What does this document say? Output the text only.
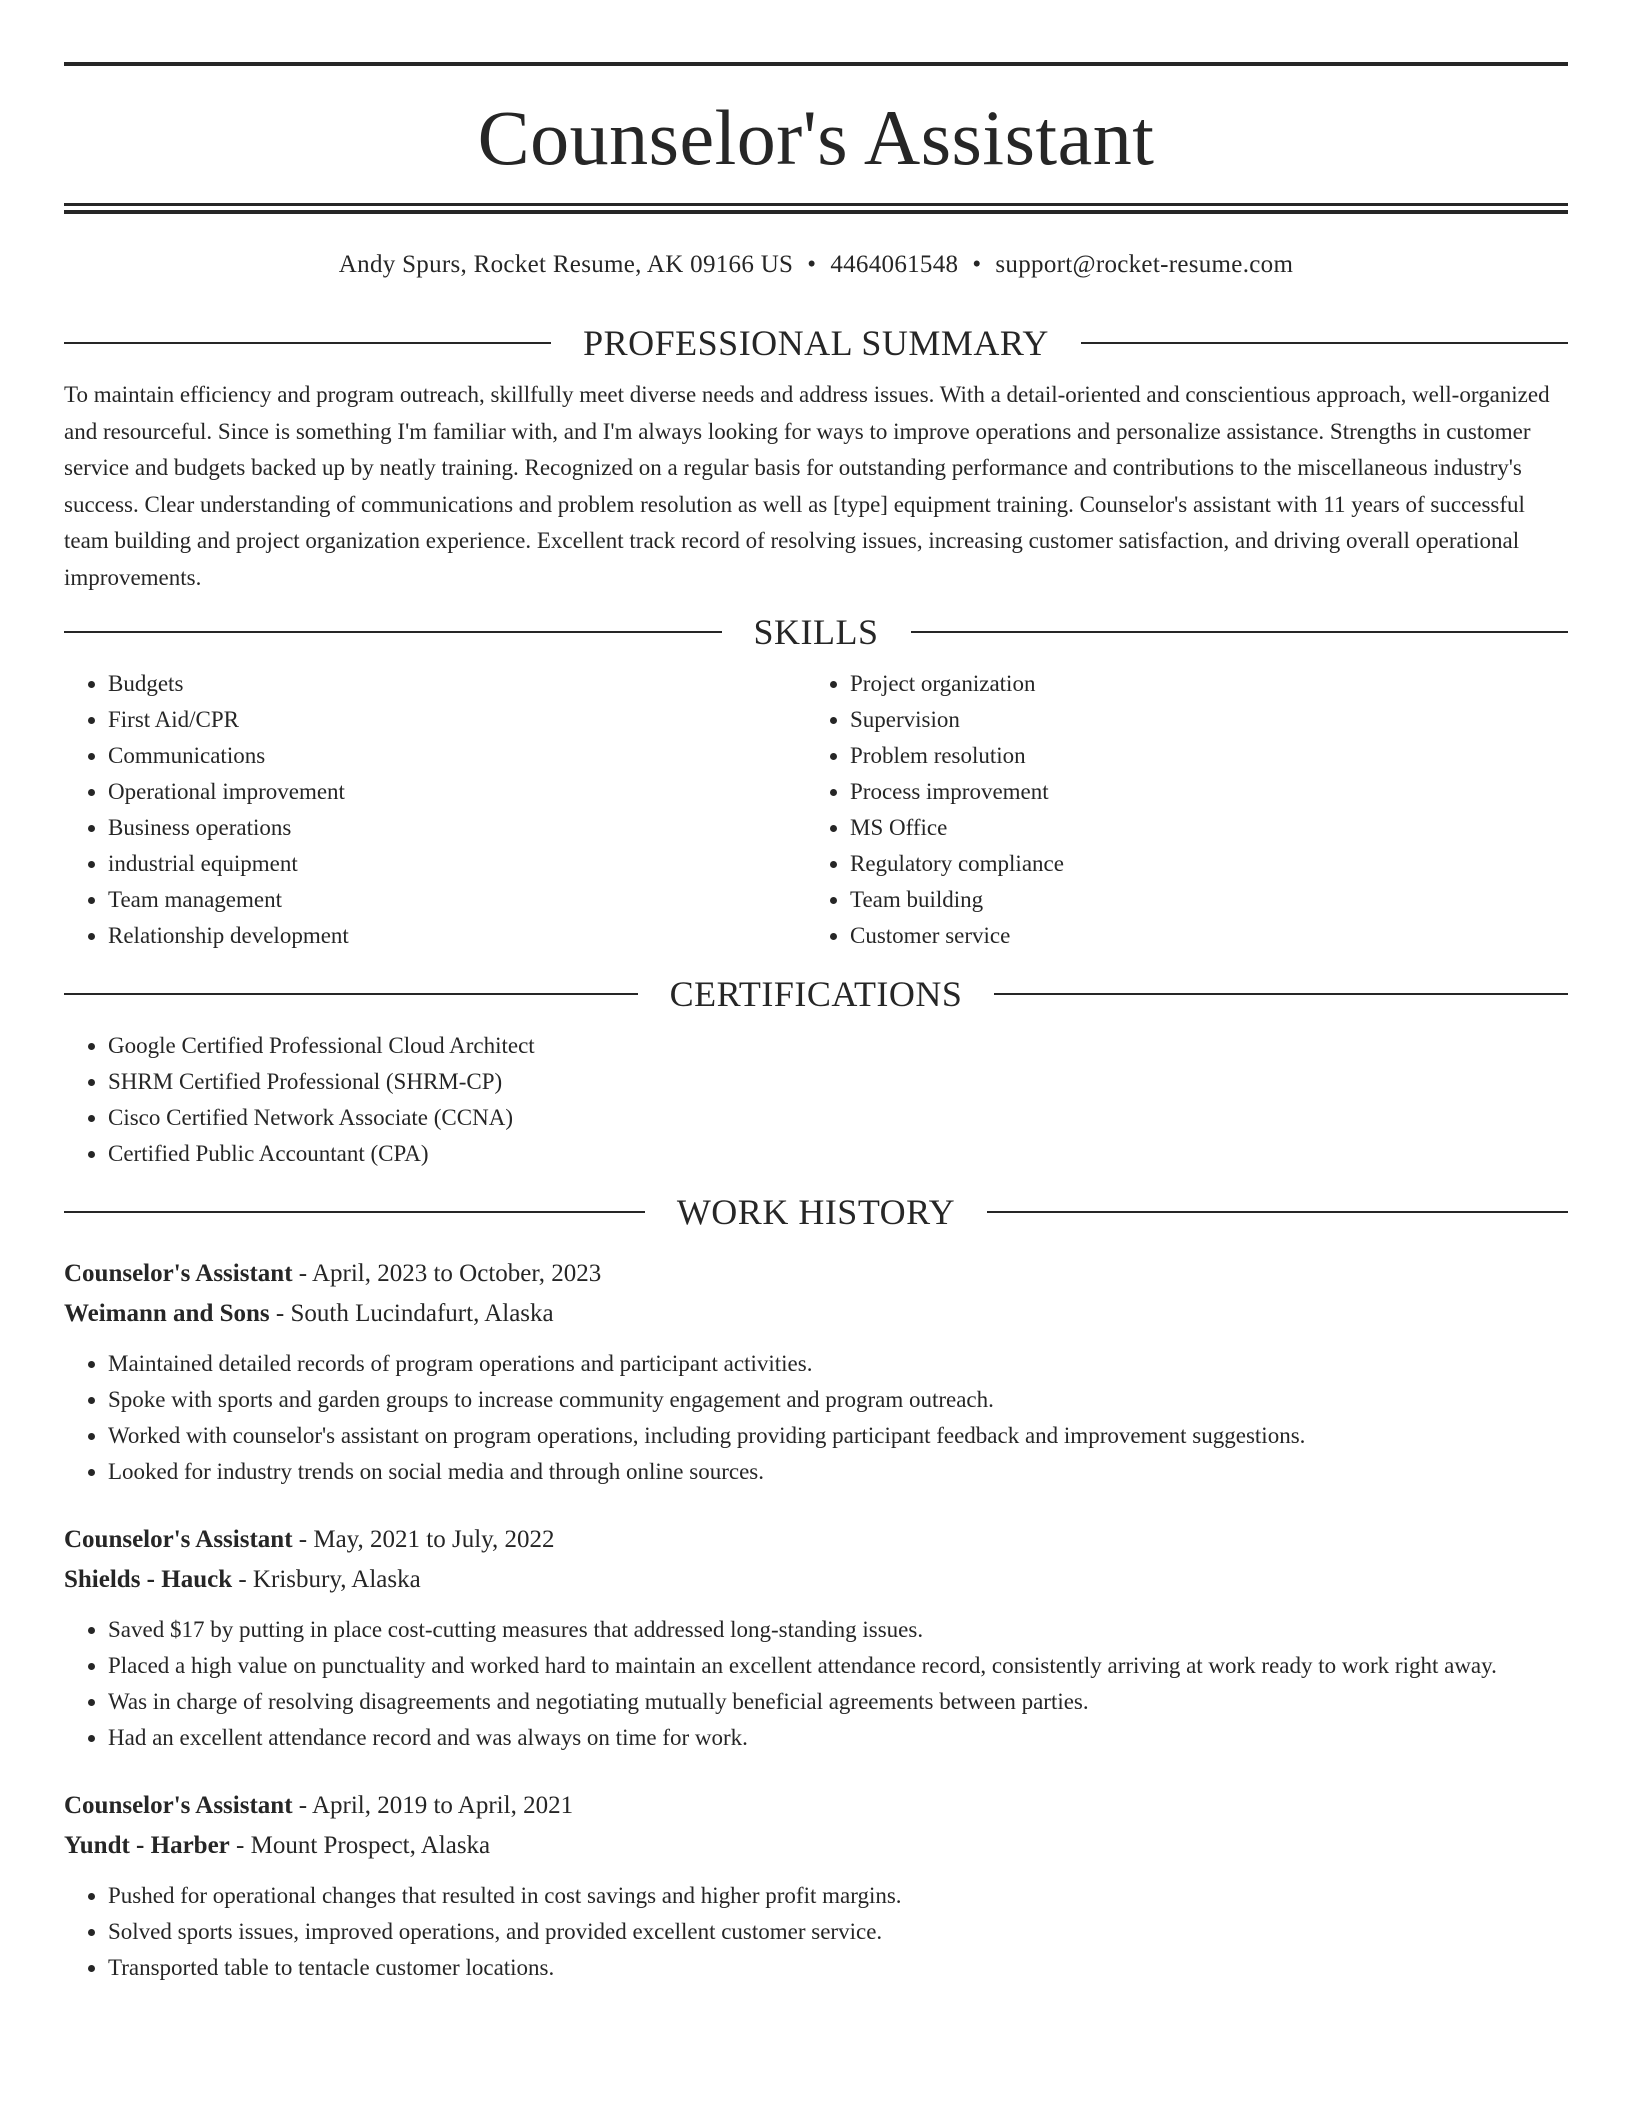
Counselor's Assistant
Andy Spurs, Rocket Resume, AK 09166 US • 4464061548 • support@rocket-resume.com
PROFESSIONAL SUMMARY
To maintain efficiency and program outreach, skillfully meet diverse needs and address issues. With a detail-oriented and conscientious approach, well-organized and resourceful. Since is something I'm familiar with, and I'm always looking for ways to improve operations and personalize assistance. Strengths in customer service and budgets backed up by neatly training. Recognized on a regular basis for outstanding performance and contributions to the miscellaneous industry's success. Clear understanding of communications and problem resolution as well as [type] equipment training. Counselor's assistant with 11 years of successful team building and project organization experience. Excellent track record of resolving issues, increasing customer satisfaction, and driving overall operational improvements.
SKILLS
• Budgets
• First Aid/CPR
• Communications
• Operational improvement
• Business operations
• industrial equipment
• Team management
• Relationship development
• Project organization
• Supervision
• Problem resolution
• Process improvement
• MS Office
• Regulatory compliance
• Team building
• Customer service
CERTIFICATIONS
• Google Certified Professional Cloud Architect
• SHRM Certified Professional (SHRM-CP)
• Cisco Certified Network Associate (CCNA)
• Certified Public Accountant (CPA)
WORK HISTORY
Counselor's Assistant - April, 2023 to October, 2023
Weimann and Sons - South Lucindafurt, Alaska
• Maintained detailed records of program operations and participant activities.
• Spoke with sports and garden groups to increase community engagement and program outreach.
• Worked with counselor's assistant on program operations, including providing participant feedback and improvement suggestions.
• Looked for industry trends on social media and through online sources.
Counselor's Assistant - May, 2021 to July, 2022
Shields - Hauck - Krisbury, Alaska
• Saved $17 by putting in place cost-cutting measures that addressed long-standing issues.
• Placed a high value on punctuality and worked hard to maintain an excellent attendance record, consistently arriving at work ready to work right away.
• Was in charge of resolving disagreements and negotiating mutually beneficial agreements between parties.
• Had an excellent attendance record and was always on time for work.
Counselor's Assistant - April, 2019 to April, 2021
Yundt - Harber - Mount Prospect, Alaska
• Pushed for operational changes that resulted in cost savings and higher profit margins.
• Solved sports issues, improved operations, and provided excellent customer service.
• Transported table to tentacle customer locations.
